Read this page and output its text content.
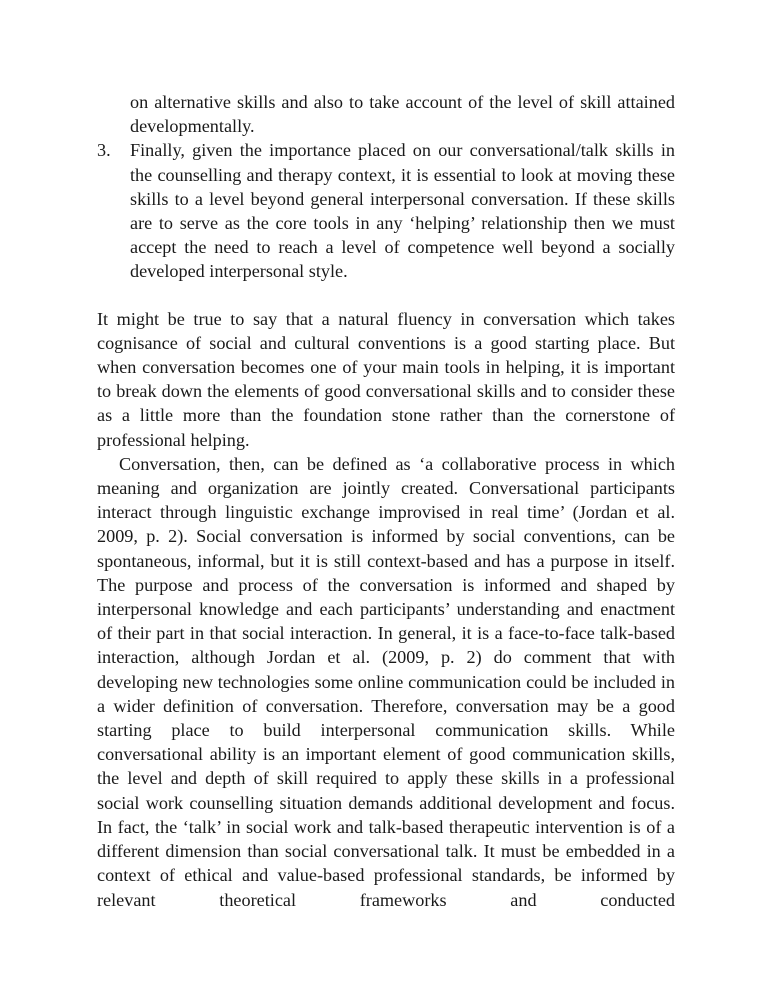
on alternative skills and also to take account of the level of skill attained developmentally.
3. Finally, given the importance placed on our conversational/talk skills in the counselling and therapy context, it is essential to look at moving these skills to a level beyond general interpersonal conversation. If these skills are to serve as the core tools in any ‘helping’ relationship then we must accept the need to reach a level of competence well beyond a socially developed interpersonal style.

It might be true to say that a natural fluency in conversation which takes cognisance of social and cultural conventions is a good starting place. But when conversation becomes one of your main tools in helping, it is important to break down the elements of good conversational skills and to consider these as a little more than the foundation stone rather than the cornerstone of professional helping.

Conversation, then, can be defined as ‘a collaborative process in which meaning and organization are jointly created. Conversational participants interact through linguistic exchange improvised in real time’ (Jordan et al. 2009, p. 2). Social conversation is informed by social conventions, can be spontaneous, informal, but it is still context-based and has a purpose in itself. The purpose and process of the conversation is informed and shaped by interpersonal knowledge and each participants’ understanding and enactment of their part in that social interaction. In general, it is a face-to-face talk-based interaction, although Jordan et al. (2009, p. 2) do comment that with developing new technologies some online communication could be included in a wider definition of conversation. Therefore, conversation may be a good starting place to build interpersonal communication skills. While conversational ability is an important element of good communication skills, the level and depth of skill required to apply these skills in a professional social work counselling situation demands additional development and focus. In fact, the ‘talk’ in social work and talk-based therapeutic intervention is of a different dimension than social conversational talk. It must be embedded in a context of ethical and value-based professional standards, be informed by relevant theoretical frameworks and conducted
